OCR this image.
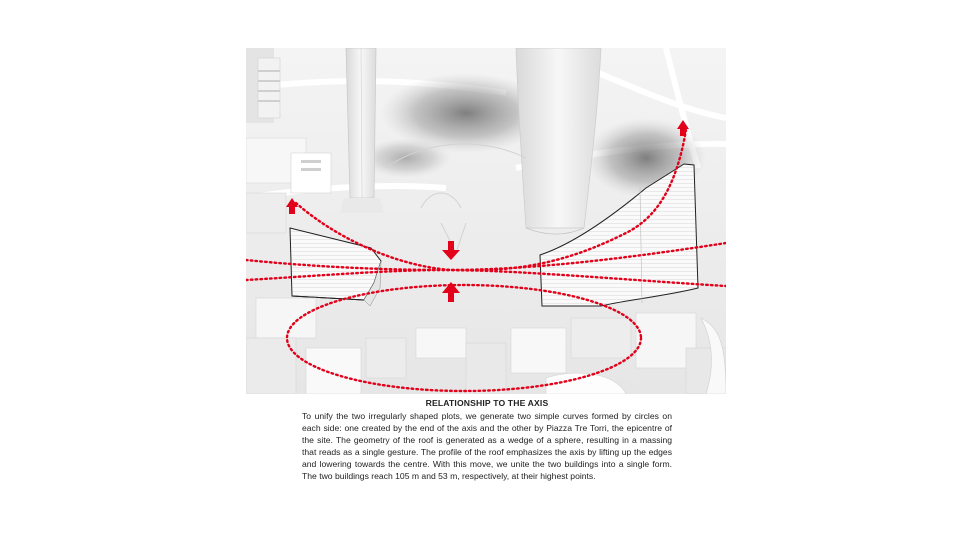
RELATIONSHIP TO THE AXIS

To unify the two irregularly shaped plots, we generate two simple curves formed by circles on each side: one created by the end of the axis and the other by Piazza Tre Torri, the epicentre of the site. The geometry of the roof is generated as a wedge of a sphere, resulting in a massing that reads as a single gesture. The profile of the roof emphasizes the axis by lifting up the edges and lowering towards the centre. With this move, we unite the two buildings into a single form. The two buildings reach 105 m and 53 m, respectively, at their highest points.
